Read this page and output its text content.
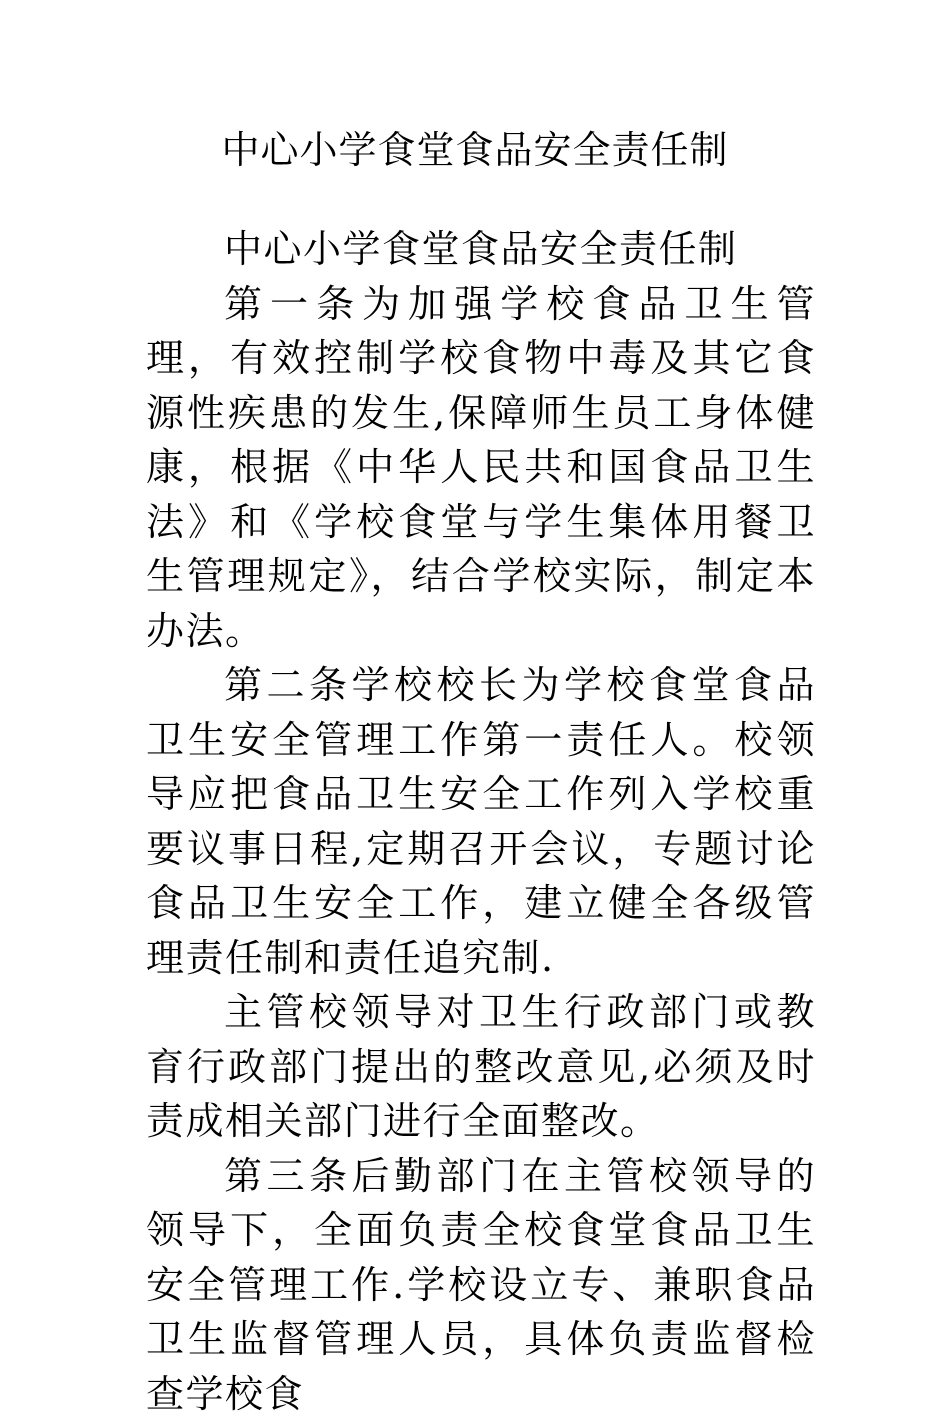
中心小学食堂食品安全责任制

中心小学食堂食品安全责任制

第一条为加强学校食品卫生管理，有效控制学校食物中毒及其它食源性疾患的发生,保障师生员工身体健康，根据《中华人民共和国食品卫生法》和《学校食堂与学生集体用餐卫生管理规定》，结合学校实际，制定本办法。

第二条学校校长为学校食堂食品卫生安全管理工作第一责任人。校领导应把食品卫生安全工作列入学校重要议事日程,定期召开会议，专题讨论食品卫生安全工作，建立健全各级管理责任制和责任追究制.

主管校领导对卫生行政部门或教育行政部门提出的整改意见,必须及时责成相关部门进行全面整改。

第三条后勤部门在主管校领导的领导下，全面负责全校食堂食品卫生安全管理工作.学校设立专、兼职食品卫生监督管理人员，具体负责监督检查学校食
